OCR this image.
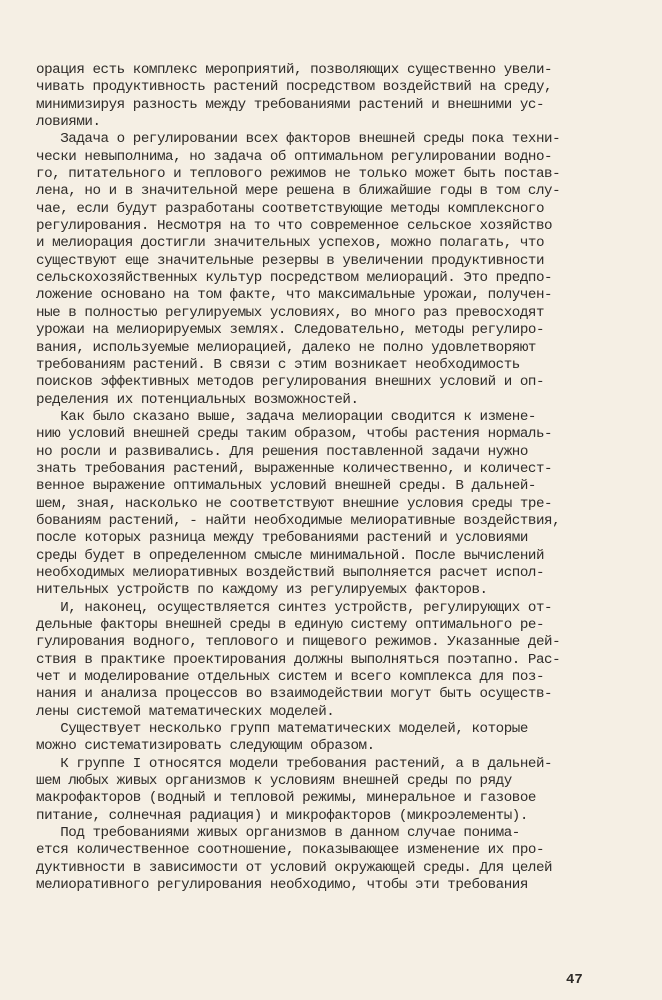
орация есть комплекс мероприятий, позволяющих существенно увели-
чивать продуктивность растений посредством воздействий на среду,
минимизируя разность между требованиями растений и внешними ус-
ловиями.
Задача о регулировании всех факторов внешней среды пока техни-
чески невыполнима, но задача об оптимальном регулировании водно-
го, питательного и теплового режимов не только может быть постав-
лена, но и в значительной мере решена в ближайшие годы в том слу-
чае, если будут разработаны соответствующие методы комплексного
регулирования. Несмотря на то что современное сельское хозяйство
и мелиорация достигли значительных успехов, можно полагать, что
существуют еще значительные резервы в увеличении продуктивности
сельскохозяйственных культур посредством мелиораций. Это предпо-
ложение основано на том факте, что максимальные урожаи, получен-
ные в полностью регулируемых условиях, во много раз превосходят
урожаи на мелиорируемых землях. Следовательно, методы регулиро-
вания, используемые мелиорацией, далеко не полно удовлетворяют
требованиям растений. В связи с этим возникает необходимость
поисков эффективных методов регулирования внешних условий и оп-
ределения их потенциальных возможностей.
Как было сказано выше, задача мелиорации сводится к измене-
нию условий внешней среды таким образом, чтобы растения нормаль-
но росли и развивались. Для решения поставленной задачи нужно
знать требования растений, выраженные количественно, и количест-
венное выражение оптимальных условий внешней среды. В дальней-
шем, зная, насколько не соответствуют внешние условия среды тре-
бованиям растений, - найти необходимые мелиоративные воздействия,
после которых разница между требованиями растений и условиями
среды будет в определенном смысле минимальной. После вычислений
необходимых мелиоративных воздействий выполняется расчет испол-
нительных устройств по каждому из регулируемых факторов.
И, наконец, осуществляется синтез устройств, регулирующих от-
дельные факторы внешней среды в единую систему оптимального ре-
гулирования водного, теплового и пищевого режимов. Указанные дей-
ствия в практике проектирования должны выполняться поэтапно. Рас-
чет и моделирование отдельных систем и всего комплекса для поз-
нания и анализа процессов во взаимодействии могут быть осуществ-
лены системой математических моделей.
Существует несколько групп математических моделей, которые
можно систематизировать следующим образом.
К группе I относятся модели требования растений, а в дальней-
шем любых живых организмов к условиям внешней среды по ряду
макрофакторов (водный и тепловой режимы, минеральное и газовое
питание, солнечная радиация) и микрофакторов (микроэлементы).
Под требованиями живых организмов в данном случае понима-
ется количественное соотношение, показывающее изменение их про-
дуктивности в зависимости от условий окружающей среды. Для целей
мелиоративного регулирования необходимо, чтобы эти требования
47
